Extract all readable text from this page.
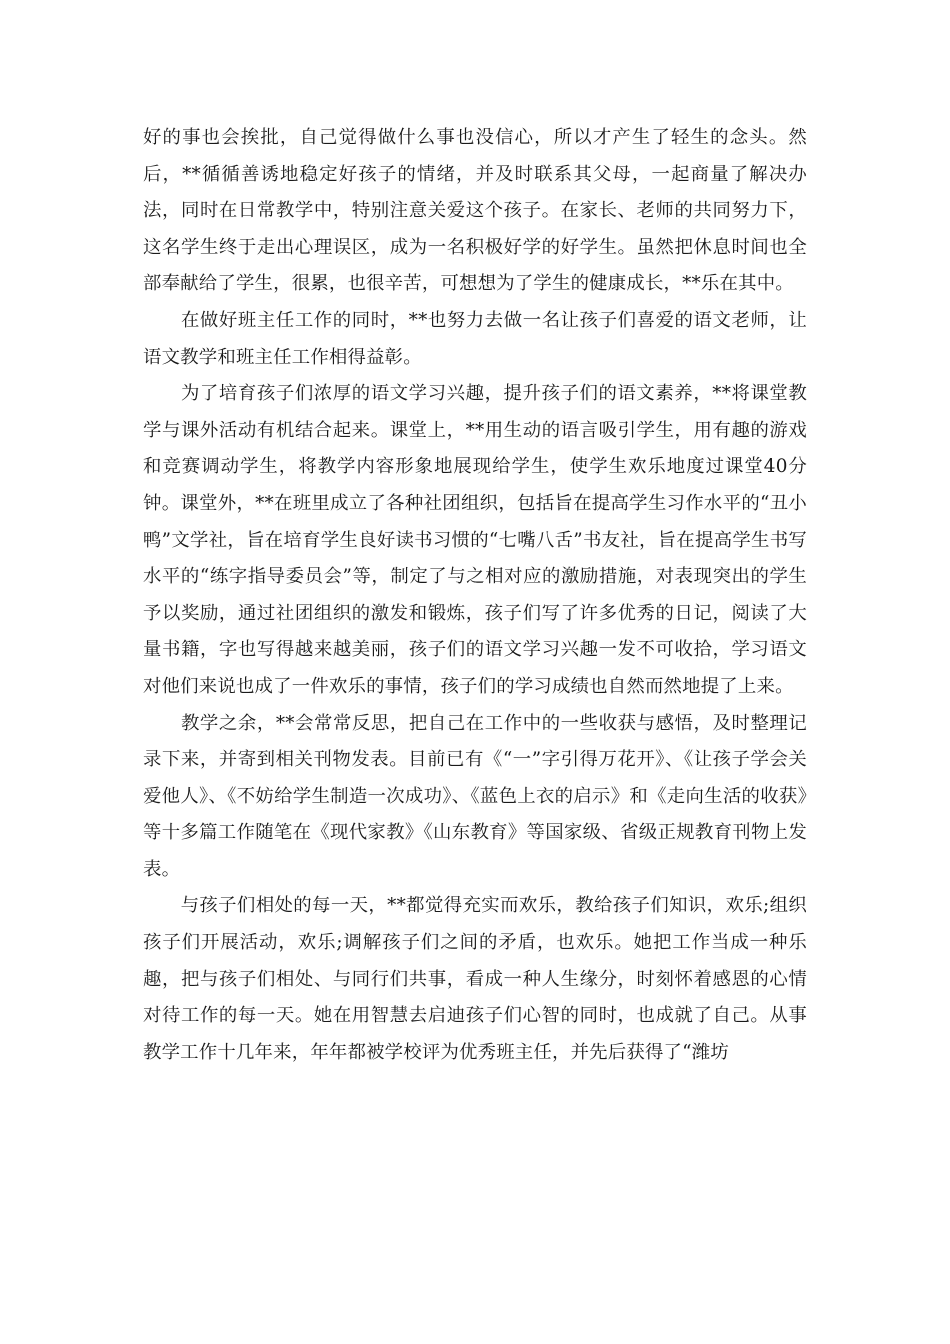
好的事也会挨批，自己觉得做什么事也没信心，所以才产生了轻生的念头。然后，**循循善诱地稳定好孩子的情绪，并及时联系其父母，一起商量了解决办法，同时在日常教学中，特别注意关爱这个孩子。在家长、老师的共同努力下，这名学生终于走出心理误区，成为一名积极好学的好学生。虽然把休息时间也全部奉献给了学生，很累，也很辛苦，可想想为了学生的健康成长，**乐在其中。

　　在做好班主任工作的同时，**也努力去做一名让孩子们喜爱的语文老师，让语文教学和班主任工作相得益彰。

　　为了培育孩子们浓厚的语文学习兴趣，提升孩子们的语文素养，**将课堂教学与课外活动有机结合起来。课堂上，**用生动的语言吸引学生，用有趣的游戏和竞赛调动学生，将教学内容形象地展现给学生，使学生欢乐地度过课堂40分钟。课堂外，**在班里成立了各种社团组织，包括旨在提高学生习作水平的“丑小鸭”文学社，旨在培育学生良好读书习惯的“七嘴八舌”书友社，旨在提高学生书写水平的“练字指导委员会”等，制定了与之相对应的激励措施，对表现突出的学生予以奖励，通过社团组织的激发和锻炼，孩子们写了许多优秀的日记，阅读了大量书籍，字也写得越来越美丽，孩子们的语文学习兴趣一发不可收拾，学习语文对他们来说也成了一件欢乐的事情，孩子们的学习成绩也自然而然地提了上来。

　　教学之余，**会常常反思，把自己在工作中的一些收获与感悟，及时整理记录下来，并寄到相关刊物发表。目前已有《“一”字引得万花开》、《让孩子学会关爱他人》、《不妨给学生制造一次成功》、《蓝色上衣的启示》和《走向生活的收获》等十多篇工作随笔在《现代家教》《山东教育》等国家级、省级正规教育刊物上发表。

　　与孩子们相处的每一天，**都觉得充实而欢乐，教给孩子们知识，欢乐;组织孩子们开展活动，欢乐;调解孩子们之间的矛盾，也欢乐。她把工作当成一种乐趣，把与孩子们相处、与同行们共事，看成一种人生缘分，时刻怀着感恩的心情对待工作的每一天。她在用智慧去启迪孩子们心智的同时，也成就了自己。从事教学工作十几年来，年年都被学校评为优秀班主任，并先后获得了“潍坊
